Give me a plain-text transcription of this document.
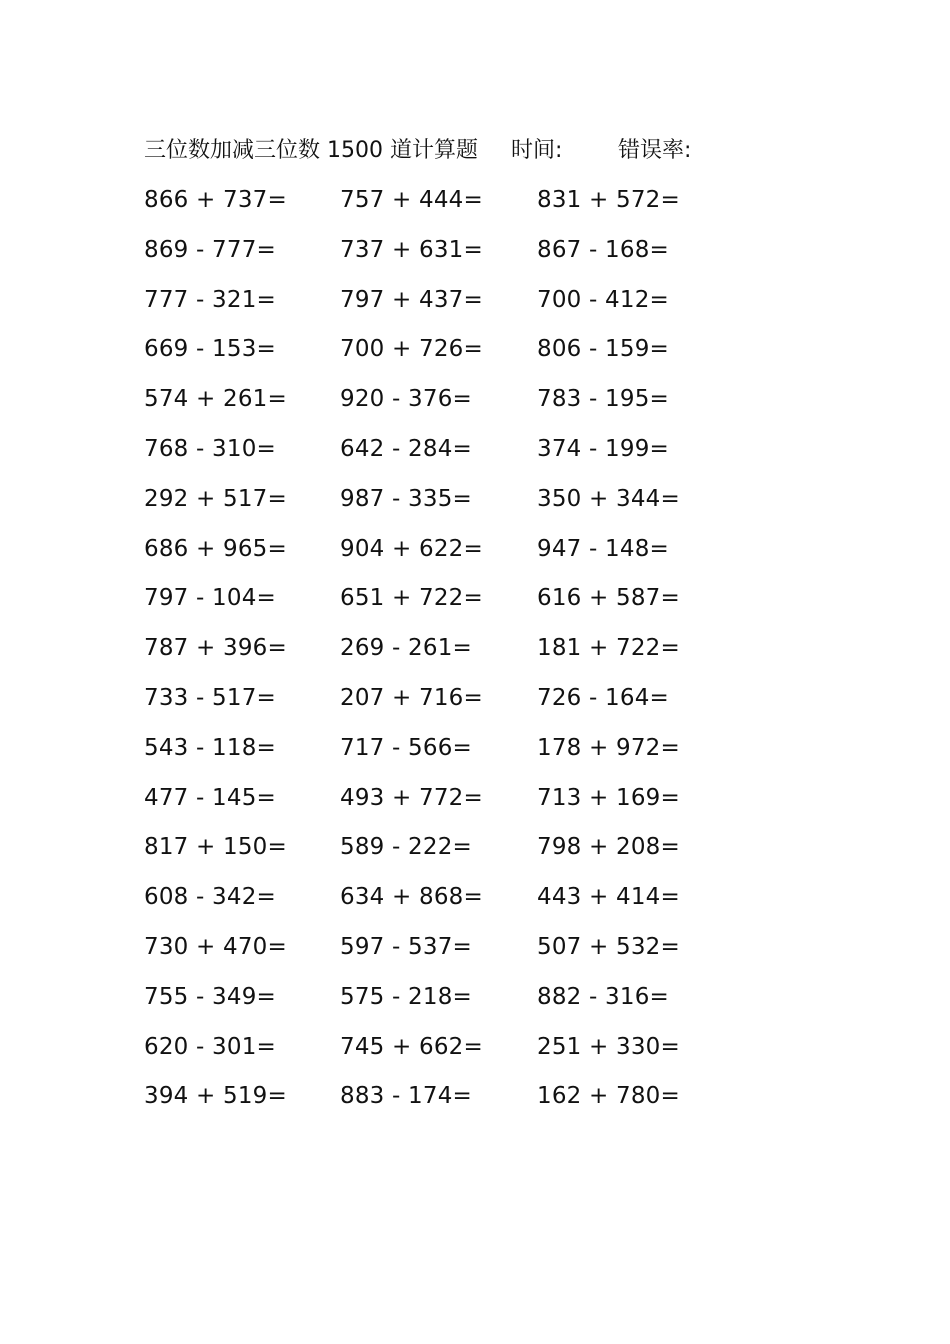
三位数加减三位数 1500 道计算题 时间:	错误率:
866 + 737= 757 + 444= 831 + 572=
869 - 777=	737 + 631= 867 - 168=
777 - 321=	797 + 437= 700 - 412=
669 - 153=	700 + 726= 806 - 159=
574 + 261= 920 - 376=	783 - 195=
768 - 310=	642 - 284=	374 - 199=
292 + 517= 987 - 335=	350 + 344=
686 + 965= 904 + 622= 947 - 148=
797 - 104=	651 + 722= 616 + 587=
787 + 396= 269 - 261=	181 + 722=
733 - 517=	207 + 716= 726 - 164=
543 - 118=	717 - 566=	178 + 972=
477 - 145=	493 + 772= 713 + 169=
817 + 150= 589 - 222=	798 + 208=
608 - 342=	634 + 868= 443 + 414=
730 + 470= 597 - 537=	507 + 532=
755 - 349=	575 - 218=	882 - 316=
620 - 301=	745 + 662= 251 + 330=
394 + 519= 883 - 174=	162 + 780=
